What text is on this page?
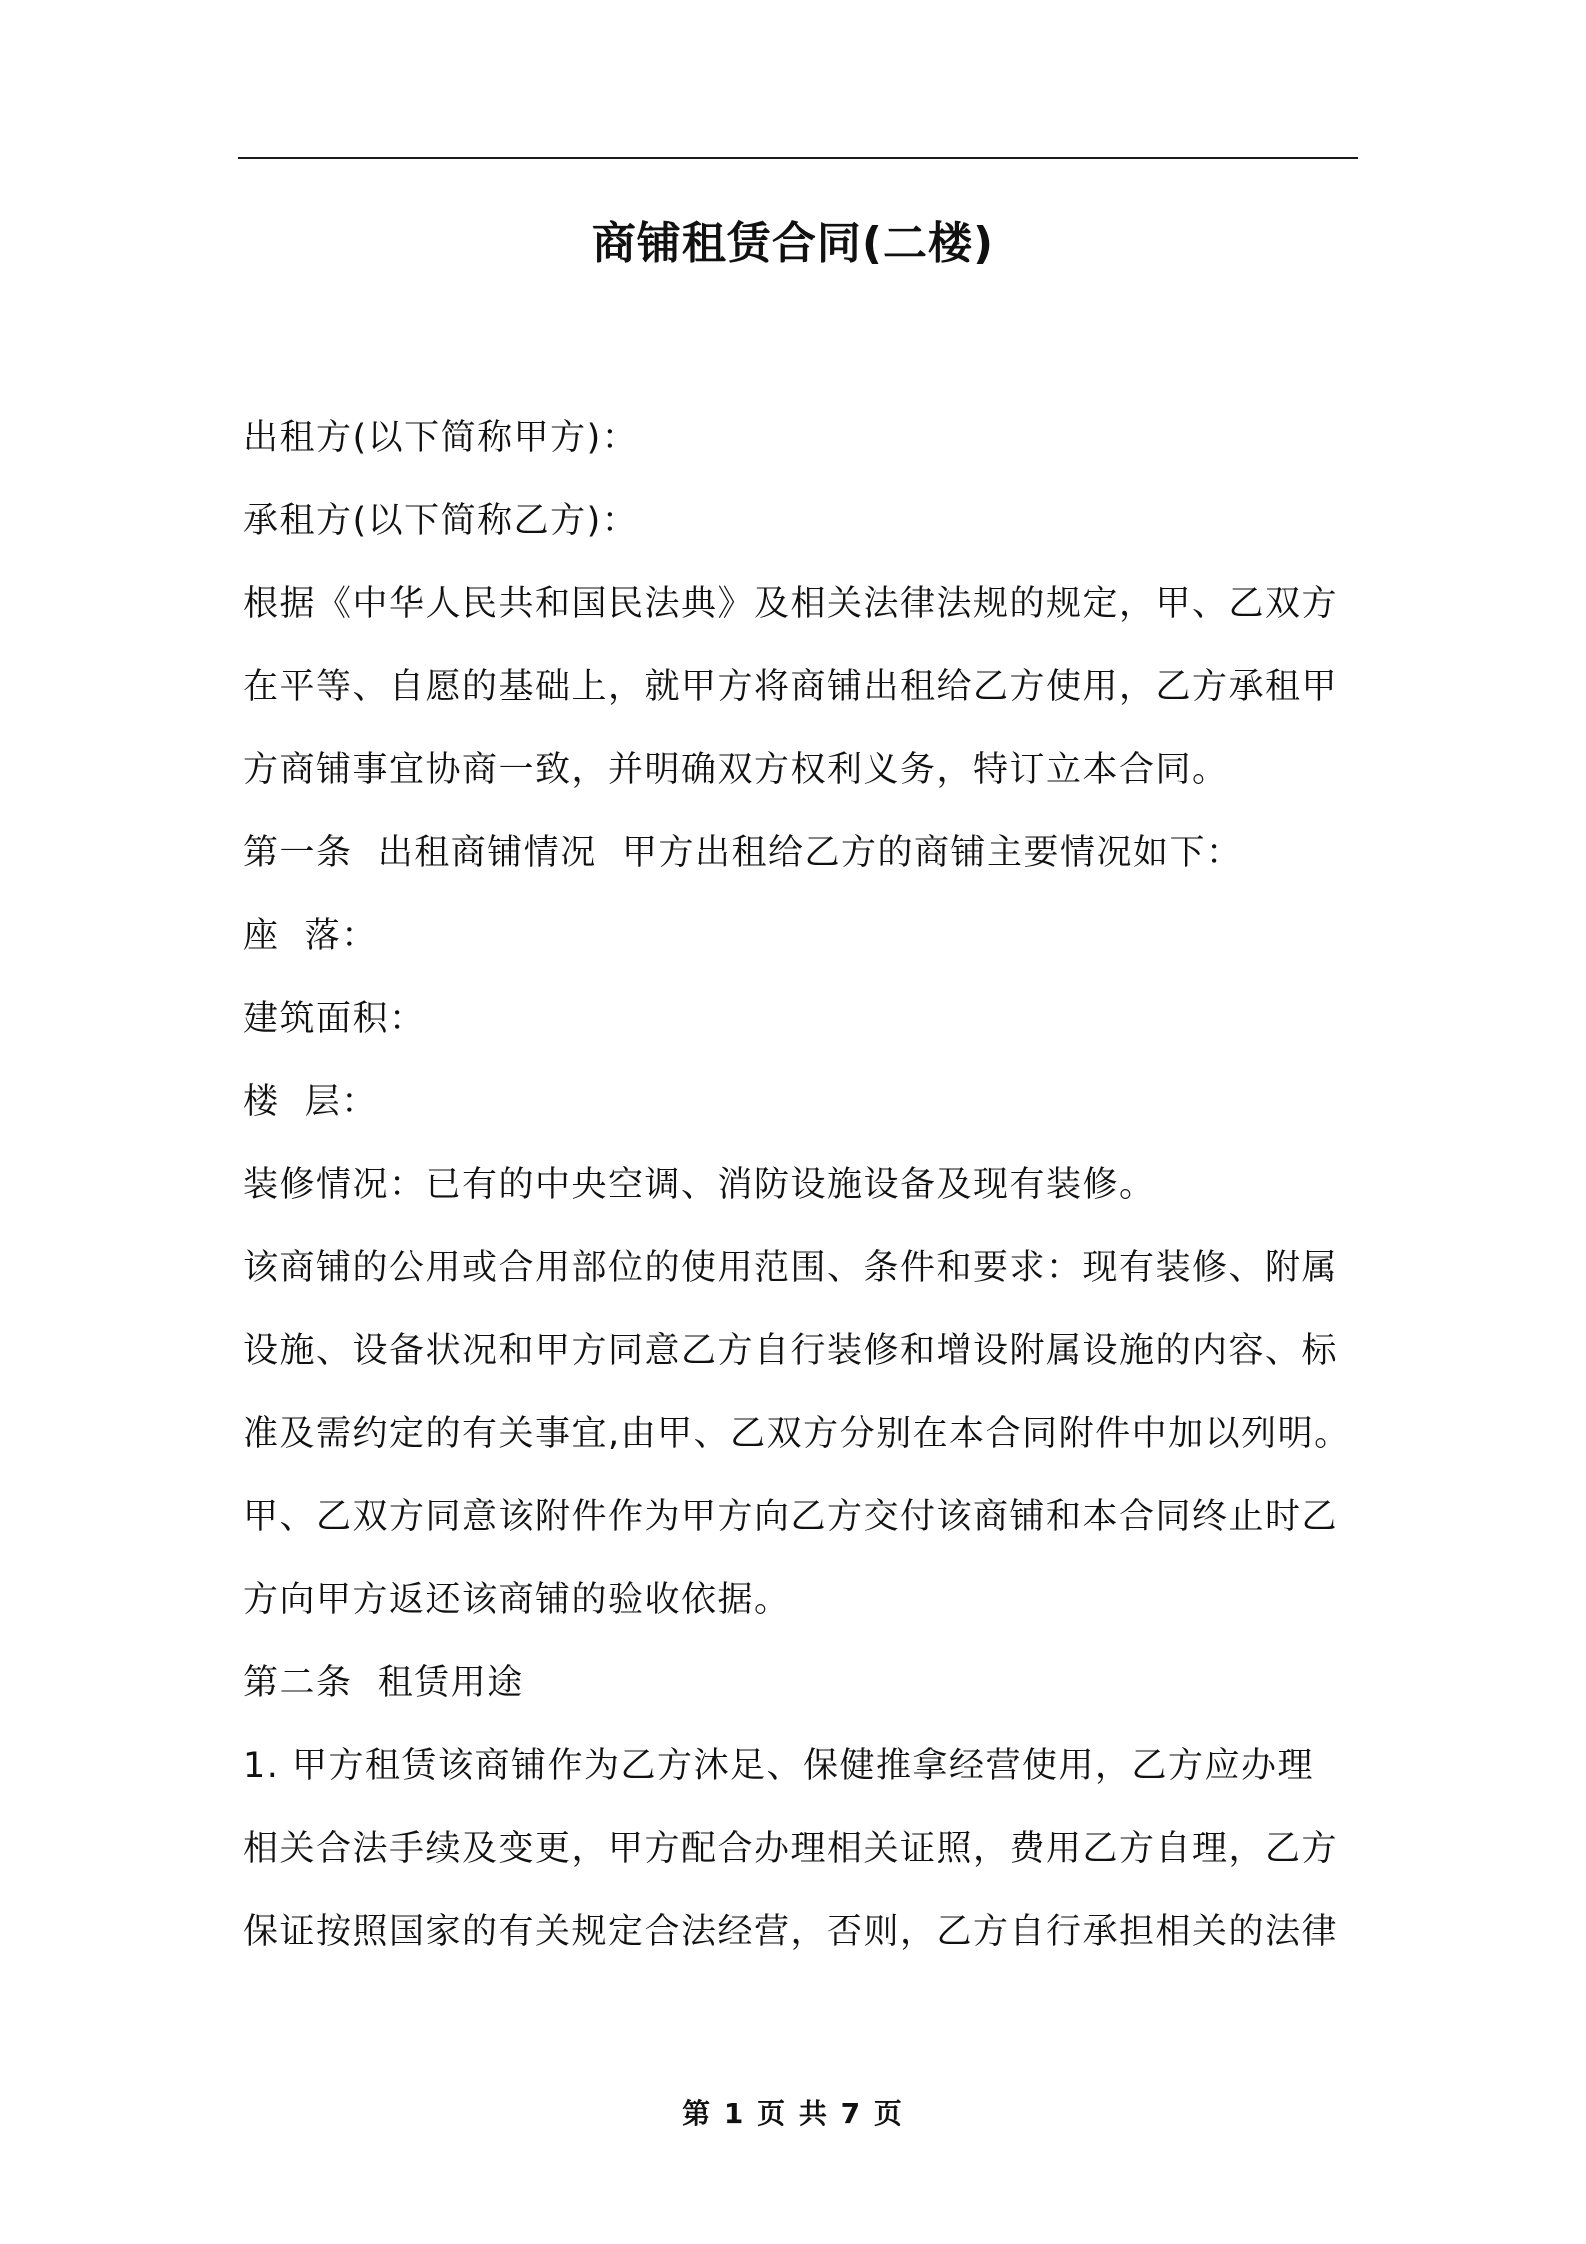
商铺租赁合同(二楼)
出租方(以下简称甲方)：
承租方(以下简称乙方)：
根据《中华人民共和国民法典》及相关法律法规的规定，甲、乙双方
在平等、自愿的基础上，就甲方将商铺出租给乙方使用，乙方承租甲
方商铺事宜协商一致，并明确双方权利义务，特订立本合同。
第一条  出租商铺情况  甲方出租给乙方的商铺主要情况如下：
座  落：
建筑面积：
楼  层：
装修情况：已有的中央空调、消防设施设备及现有装修。
该商铺的公用或合用部位的使用范围、条件和要求：现有装修、附属
设施、设备状况和甲方同意乙方自行装修和增设附属设施的内容、标
准及需约定的有关事宜,由甲、乙双方分别在本合同附件中加以列明。
甲、乙双方同意该附件作为甲方向乙方交付该商铺和本合同终止时乙
方向甲方返还该商铺的验收依据。
第二条  租赁用途
1. 甲方租赁该商铺作为乙方沐足、保健推拿经营使用，乙方应办理
相关合法手续及变更，甲方配合办理相关证照，费用乙方自理，乙方
保证按照国家的有关规定合法经营，否则，乙方自行承担相关的法律
第 1 页 共 7 页
